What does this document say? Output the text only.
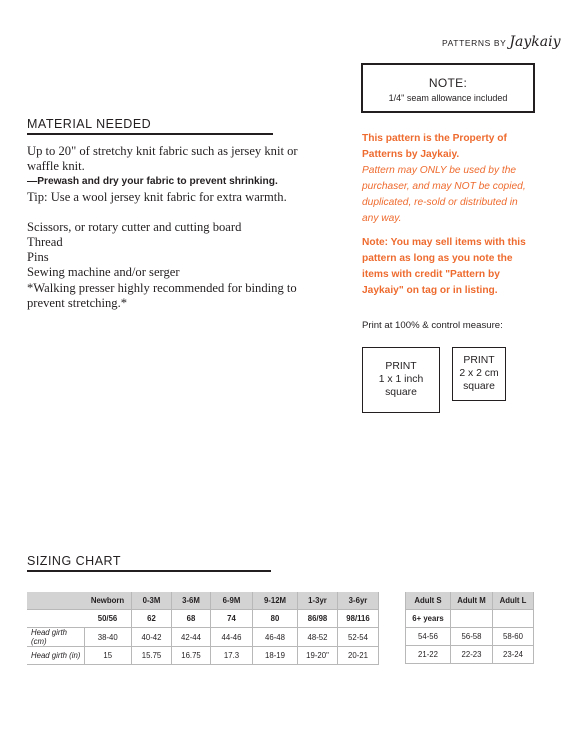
PATTERNS BY Jaykaiy
NOTE:
1/4" seam allowance included
MATERIAL NEEDED
Up to 20" of stretchy knit fabric such as jersey knit or waffle knit.
—Prewash and dry your fabric to prevent shrinking.
Tip: Use a wool jersey knit fabric for extra warmth.
Scissors, or rotary cutter and cutting board
Thread
Pins
Sewing machine and/or serger
*Walking presser highly recommended for binding to prevent stretching.*
This pattern is the Property of Patterns by Jaykaiy.
Pattern may ONLY be used by the purchaser, and may NOT be copied, duplicated, re-sold or distributed in any way.
Note: You may sell items with this pattern as long as you note the items with credit "Pattern by Jaykaiy" on tag or in listing.
Print at 100% & control measure:
PRINT
1 x 1 inch
square
PRINT
2 x 2 cm
square
SIZING CHART
	Newborn	0-3M	3-6M	6-9M	9-12M	1-3yr	3-6yr
	50/56	62	68	74	80	86/98	98/116
Head girth (cm)	38-40	40-42	42-44	44-46	46-48	48-52	52-54
Head girth (in)	15	15.75	16.75	17.3	18-19	19-20"	20-21
Adult S	Adult M	Adult L
6+ years		
54-56	56-58	58-60
21-22	22-23	23-24
